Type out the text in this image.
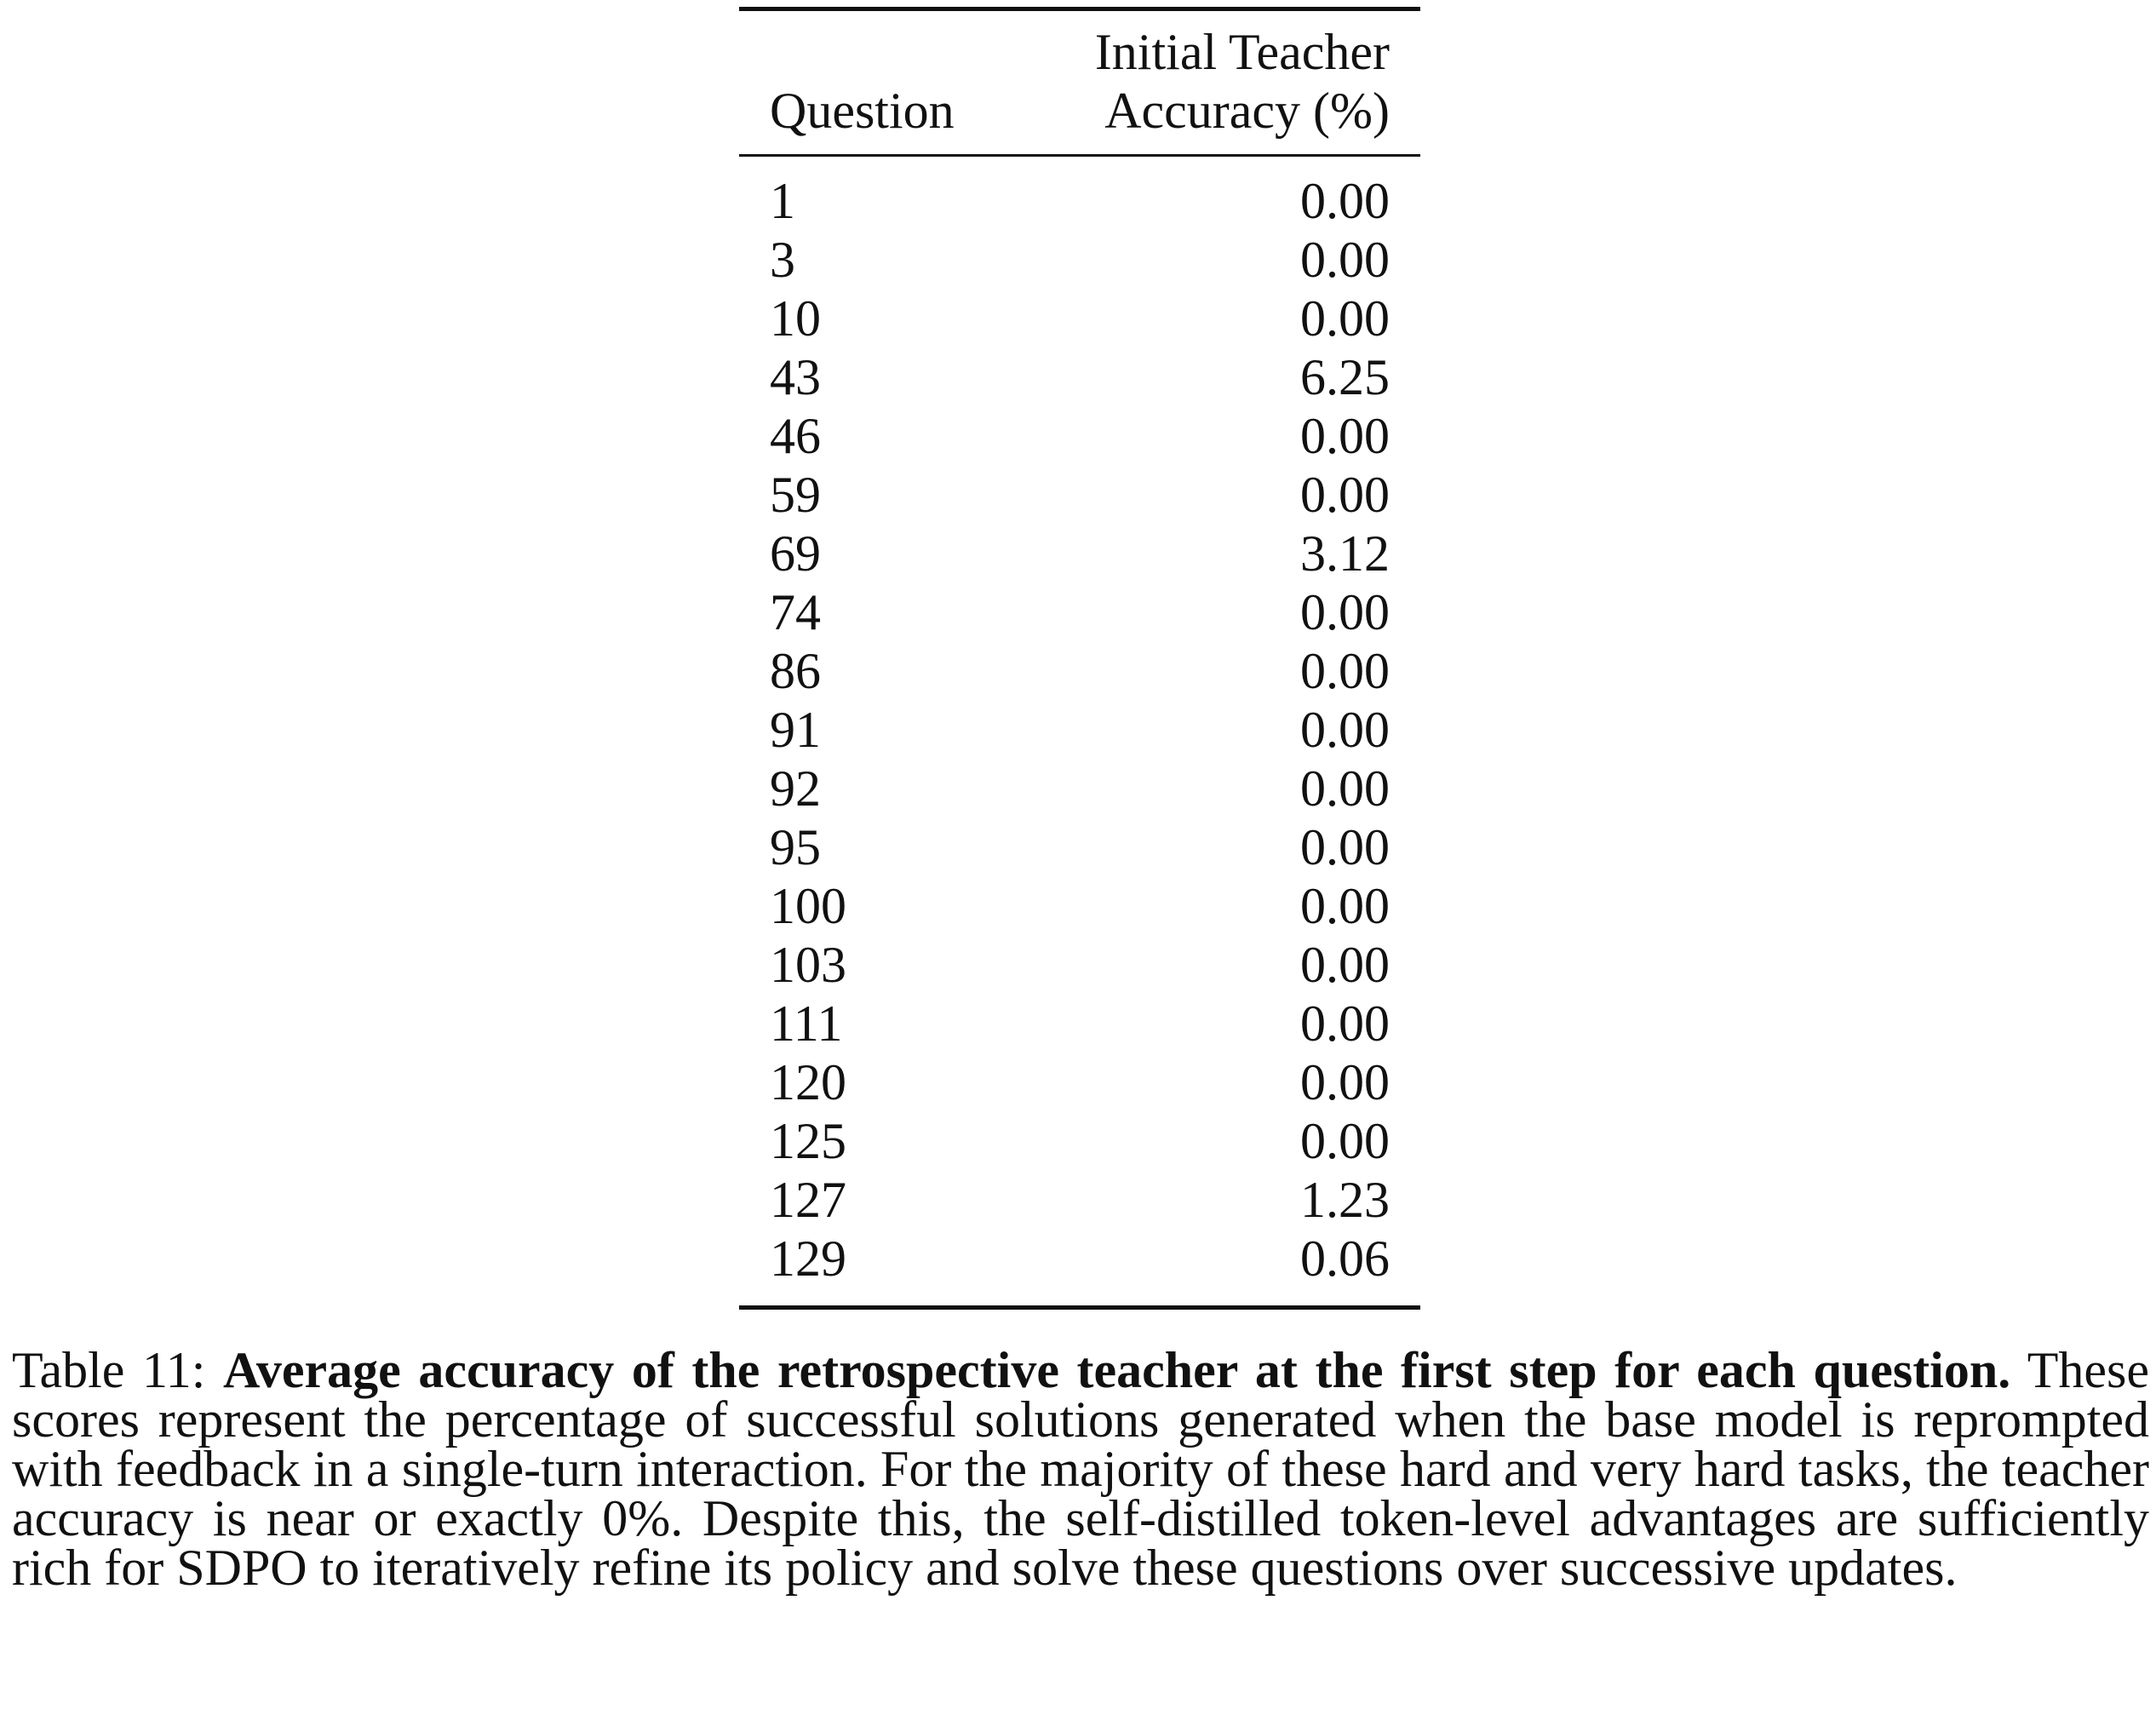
Question	Initial Teacher
Accuracy (%)

1	0.00
3	0.00
10	0.00
43	6.25
46	0.00
59	0.00
69	3.12
74	0.00
86	0.00
91	0.00
92	0.00
95	0.00
100	0.00
103	0.00
111	0.00
120	0.00
125	0.00
127	1.23
129	0.06
Table 11: Average accuracy of the retrospective teacher at the first step for each question. These scores represent the percentage of successful solutions generated when the base model is reprompted with feedback in a single-turn interaction. For the majority of these hard and very hard tasks, the teacher accuracy is near or exactly 0%. Despite this, the self-distilled token-level advantages are sufficiently rich for SDPO to iteratively refine its policy and solve these questions over successive updates.
